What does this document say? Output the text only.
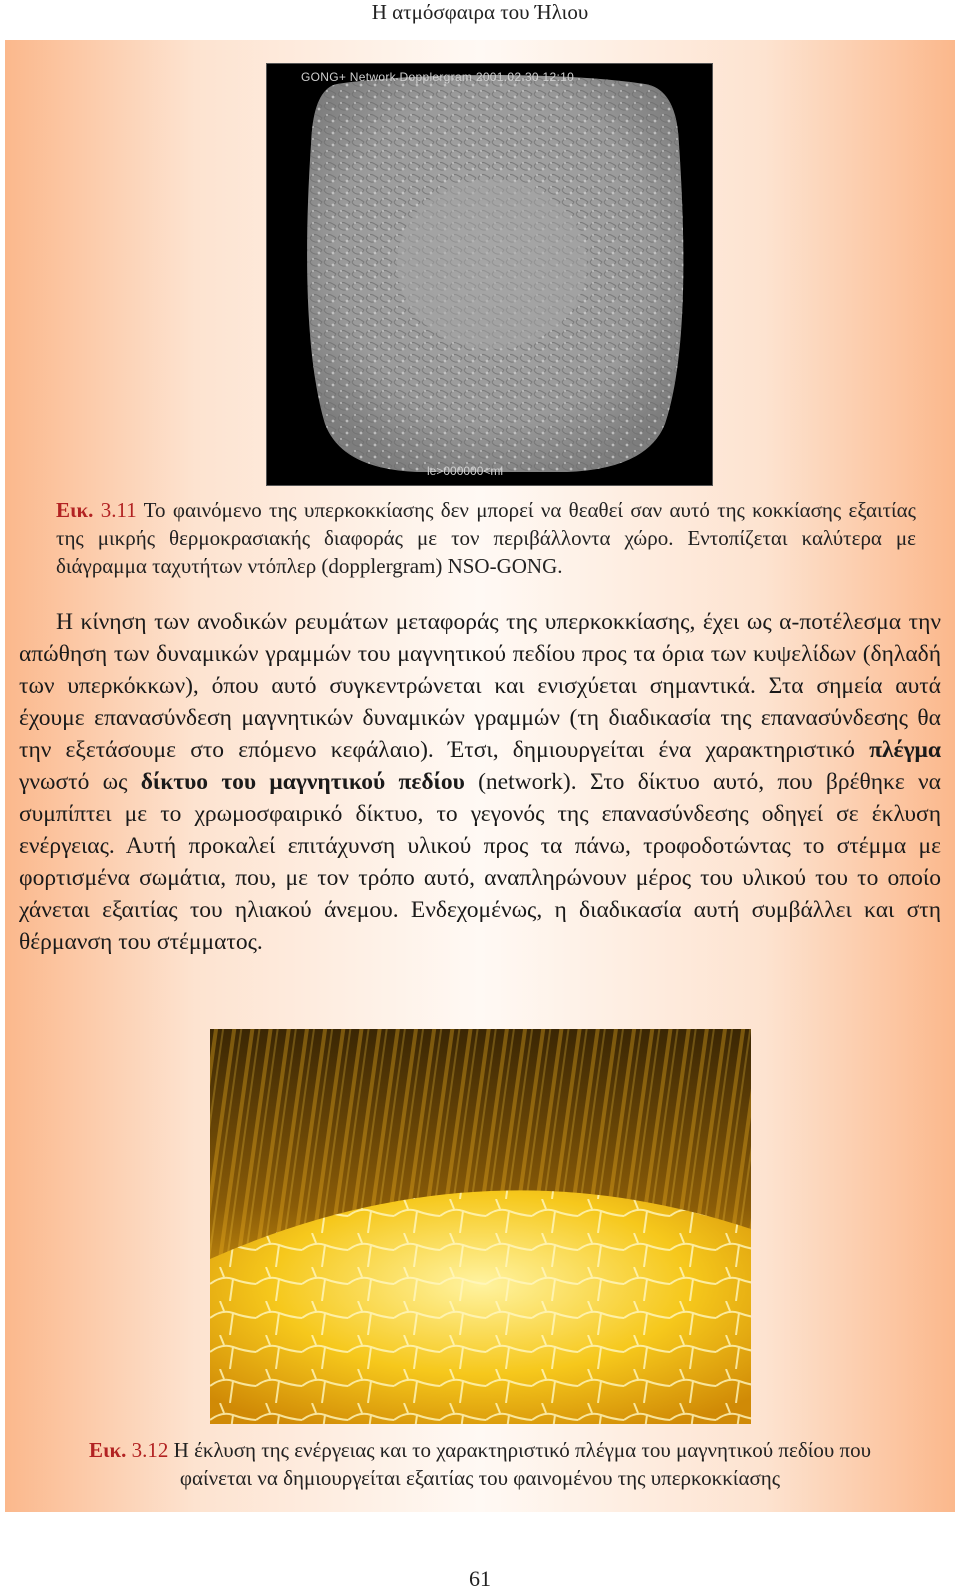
Η ατμόσφαιρα του Ήλιου
GONG+ Network Dopplergram 2001.02.30 12:10
le>000000<ml
Εικ. 3.11 Το φαινόμενο της υπερκοκκίασης δεν μπορεί να θεαθεί σαν αυτό της κοκκίασης εξαιτίας της μικρής θερμοκρασιακής διαφοράς με τον περιβάλλοντα χώρο. Εντοπίζεται καλύτερα με διάγραμμα ταχυτήτων ντόπλερ (dopplergram) NSO-GONG.

Η κίνηση των ανοδικών ρευμάτων μεταφοράς της υπερκοκκίασης, έχει ως α-ποτέλεσμα την απώθηση των δυναμικών γραμμών του μαγνητικού πεδίου προς τα όρια των κυψελίδων (δηλαδή των υπερκόκκων), όπου αυτό συγκεντρώνεται και ενισχύεται σημαντικά. Στα σημεία αυτά έχουμε επανασύνδεση μαγνητικών δυναμικών γραμμών (τη διαδικασία της επανασύνδεσης θα την εξετάσουμε στο επόμενο κεφάλαιο). Έτσι, δημιουργείται ένα χαρακτηριστικό πλέγμα γνωστό ως δίκτυο του μαγνητικού πεδίου (network). Στο δίκτυο αυτό, που βρέθηκε να συμπίπτει με το χρωμοσφαιρικό δίκτυο, το γεγονός της επανασύνδεσης οδηγεί σε έκλυση ενέργειας. Αυτή προκαλεί επιτάχυνση υλικού προς τα πάνω, τροφοδοτώντας το στέμμα με φορτισμένα σωμάτια, που, με τον τρόπο αυτό, αναπληρώνουν μέρος του υλικού του το οποίο χάνεται εξαιτίας του ηλιακού άνεμου. Ενδεχομένως, η διαδικασία αυτή συμβάλλει και στη θέρμανση του στέμματος.

Εικ. 3.12 Η έκλυση της ενέργειας και το χαρακτηριστικό πλέγμα του μαγνητικού πεδίου που φαίνεται να δημιουργείται εξαιτίας του φαινομένου της υπερκοκκίασης
61
